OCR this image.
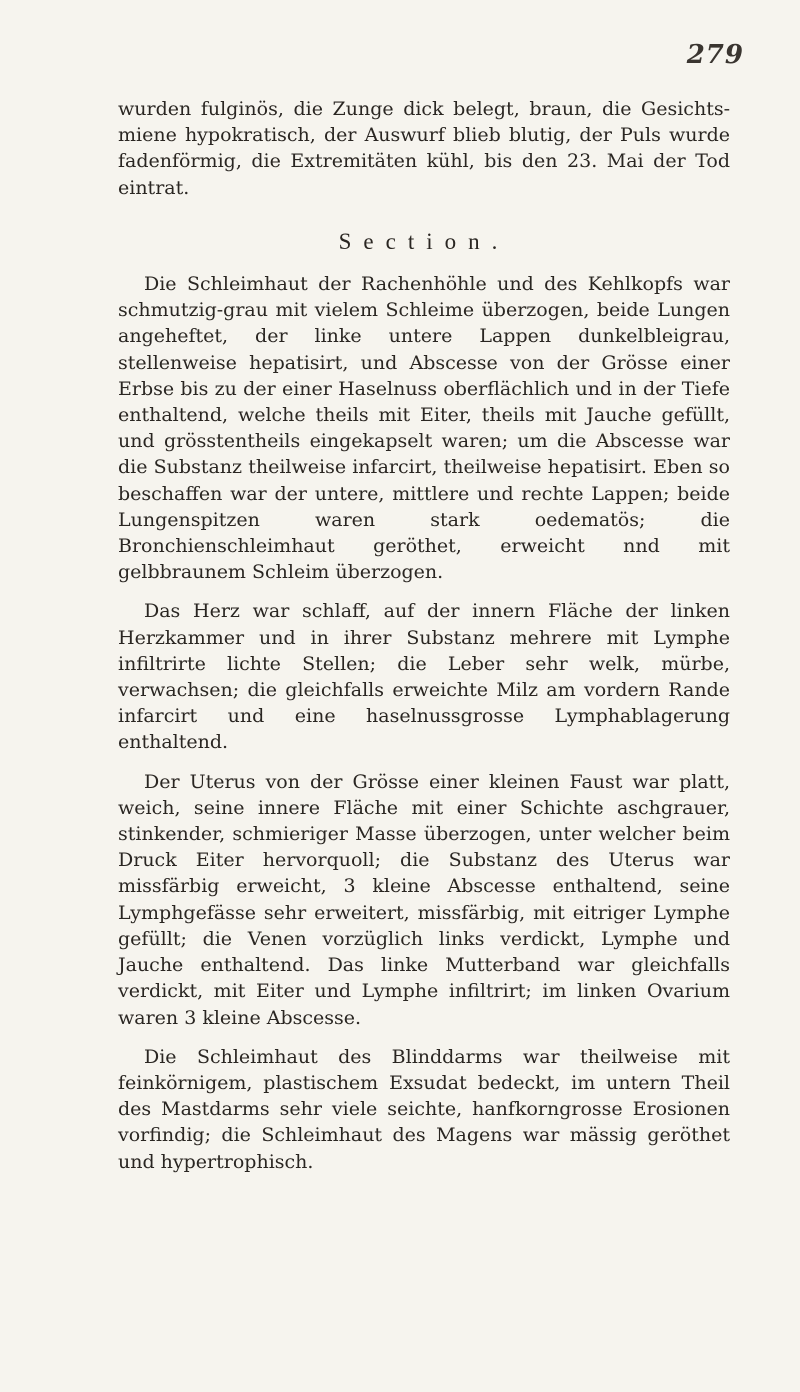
279

wurden fulginös, die Zunge dick belegt, braun, die Gesichts-miene hypokratisch, der Auswurf blieb blutig, der Puls wurde fadenförmig, die Extremitäten kühl, bis den 23. Mai der Tod eintrat.

Section.

Die Schleimhaut der Rachenhöhle und des Kehlkopfs war schmutzig-grau mit vielem Schleime überzogen, beide Lungen angeheftet, der linke untere Lappen dunkelbleigrau, stellenweise hepatisirt, und Abscesse von der Grösse einer Erbse bis zu der einer Haselnuss oberflächlich und in der Tiefe enthaltend, welche theils mit Eiter, theils mit Jauche gefüllt, und grösstentheils eingekapselt waren; um die Abscesse war die Substanz theilweise infarcirt, theilweise hepatisirt. Eben so beschaffen war der untere, mittlere und rechte Lappen; beide Lungenspitzen waren stark oedematös; die Bronchienschleimhaut geröthet, erweicht nnd mit gelbbraunem Schleim überzogen.

Das Herz war schlaff, auf der innern Fläche der linken Herzkammer und in ihrer Substanz mehrere mit Lymphe infiltrirte lichte Stellen; die Leber sehr welk, mürbe, verwachsen; die gleichfalls erweichte Milz am vordern Rande infarcirt und eine haselnussgrosse Lymphablagerung enthaltend.

Der Uterus von der Grösse einer kleinen Faust war platt, weich, seine innere Fläche mit einer Schichte aschgrauer, stinkender, schmieriger Masse überzogen, unter welcher beim Druck Eiter hervorquoll; die Substanz des Uterus war missfärbig erweicht, 3 kleine Abscesse enthaltend, seine Lymphgefässe sehr erweitert, missfärbig, mit eitriger Lymphe gefüllt; die Venen vorzüglich links verdickt, Lymphe und Jauche enthaltend. Das linke Mutterband war gleichfalls verdickt, mit Eiter und Lymphe infiltrirt; im linken Ovarium waren 3 kleine Abscesse.

Die Schleimhaut des Blinddarms war theilweise mit feinkörnigem, plastischem Exsudat bedeckt, im untern Theil des Mastdarms sehr viele seichte, hanfkorngrosse Erosionen vorfindig; die Schleimhaut des Magens war mässig geröthet und hypertrophisch.
